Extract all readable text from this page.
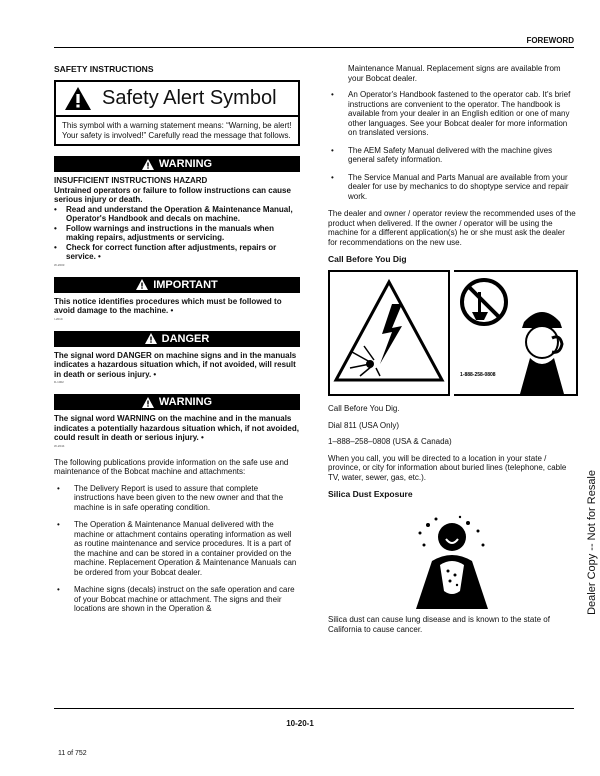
FOREWORD
SAFETY INSTRUCTIONS
Safety Alert Symbol
This symbol with a warning statement means: “Warning, be alert! Your safety is involved!” Carefully read the message that follows.
WARNING
INSUFFICIENT INSTRUCTIONS HAZARD
Untrained operators or failure to follow instructions can cause serious injury or death.
• Read and understand the Operation & Maintenance Manual, Operator's Handbook and decals on machine.
• Follow warnings and instructions in the manuals when making repairs, adjustments or servicing.
• Check for correct function after adjustments, repairs or service. •
W-2003
IMPORTANT
This notice identifies procedures which must be followed to avoid damage to the machine. •
I-2019
DANGER
The signal word DANGER on machine signs and in the manuals indicates a hazardous situation which, if not avoided, will result in death or serious injury. •
D-1002
WARNING
The signal word WARNING on the machine and in the manuals indicates a potentially hazardous situation which, if not avoided, could result in death or serious injury. •
W-2044

The following publications provide information on the safe use and maintenance of the Bobcat machine and attachments:

• The Delivery Report is used to assure that complete instructions have been given to the new owner and that the machine is in safe operating condition.
• The Operation & Maintenance Manual delivered with the machine or attachment contains operating information as well as routine maintenance and service procedures. It is a part of the machine and can be stored in a container provided on the machine. Replacement Operation & Maintenance Manuals can be ordered from your Bobcat dealer.
• Machine signs (decals) instruct on the safe operation and care of your Bobcat machine or attachment. The signs and their locations are shown in the Operation &

Maintenance Manual. Replacement signs are available from your Bobcat dealer.

• An Operator's Handbook fastened to the operator cab. It's brief instructions are convenient to the operator. The handbook is available from your dealer in an English edition or one of many other languages. See your Bobcat dealer for more information on translated versions.
• The AEM Safety Manual delivered with the machine gives general safety information.
• The Service Manual and Parts Manual are available from your dealer for use by mechanics to do shoptype service and repair work.

The dealer and owner / operator review the recommended uses of the product when delivered. If the owner / operator will be using the machine for a different application(s) he or she must ask the dealer for recommendations on the new use.

Call Before You Dig
1-888-258-0808

Call Before You Dig.

Dial 811 (USA Only)

1–888–258–0808 (USA & Canada)

When you call, you will be directed to a location in your state / province, or city for information about buried lines (telephone, cable TV, water, sewer, gas, etc.).

Silica Dust Exposure

Silica dust can cause lung disease and is known to the state of California to cause cancer.

Dealer Copy -- Not for Resale
10-20-1
11 of 752
